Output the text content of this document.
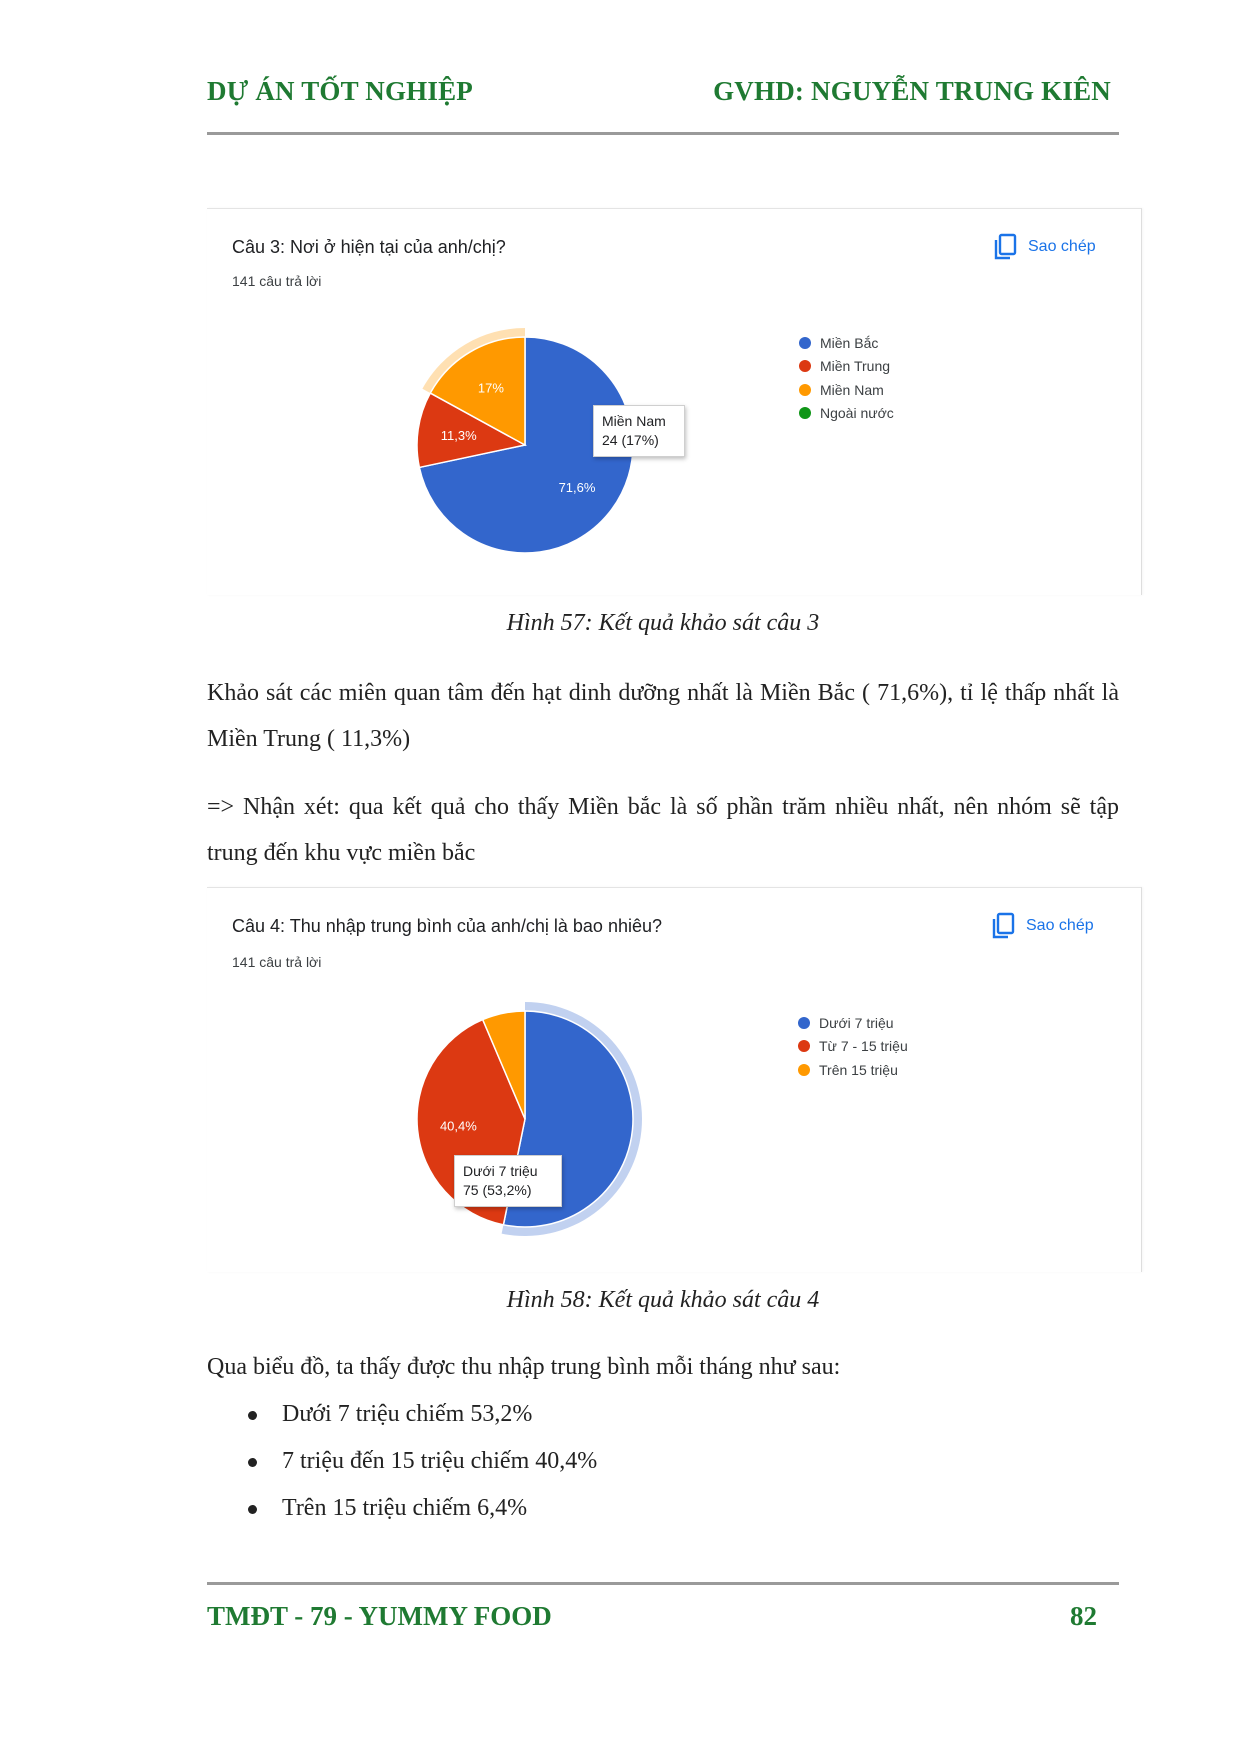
DỰ ÁN TỐT NGHIỆP	GVHD: NGUYỄN TRUNG KIÊN
Câu 3: Nơi ở hiện tại của anh/chị?
141 câu trả lời
Sao chép
71,6%
11,3%
17%
Miền Bắc
Miền Trung
Miền Nam
Ngoài nước
Miền Nam
24 (17%)
Hình 57: Kết quả khảo sát câu 3
Khảo sát các miên quan tâm đến hạt dinh dưỡng nhất là Miền Bắc ( 71,6%), tỉ lệ thấp nhất là Miền Trung ( 11,3%)
=> Nhận xét: qua kết quả cho thấy Miền bắc là số phần trăm nhiều nhất, nên nhóm sẽ tập trung đến khu vực miền bắc
Câu 4: Thu nhập trung bình của anh/chị là bao nhiêu?
141 câu trả lời
Sao chép
40,4%
Dưới 7 triệu
Từ 7 - 15 triệu
Trên 15 triệu
Dưới 7 triệu
75 (53,2%)
Hình 58: Kết quả khảo sát câu 4
Qua biểu đồ, ta thấy được thu nhập trung bình mỗi tháng như sau:
Dưới 7 triệu chiếm 53,2%
7 triệu đến 15 triệu chiếm 40,4%
Trên 15 triệu chiếm 6,4%
TMĐT - 79 - YUMMY FOOD	82
